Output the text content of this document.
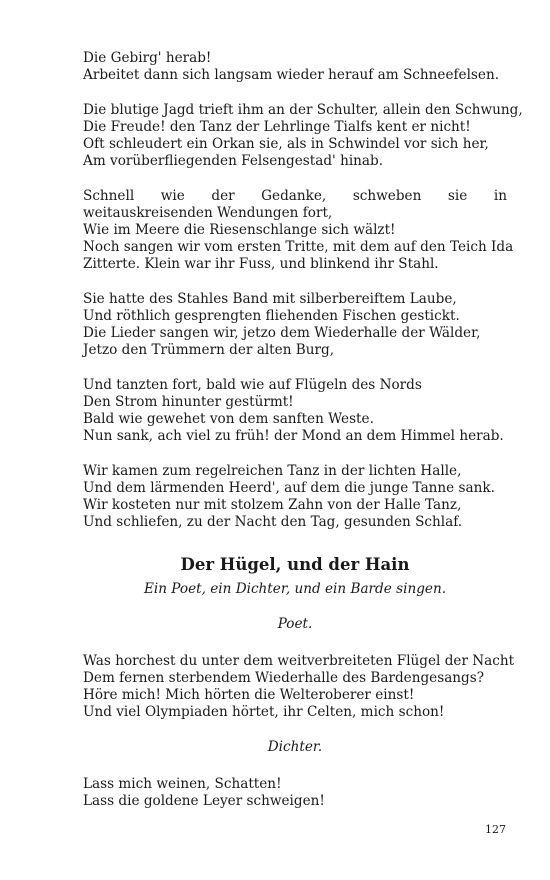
Die Gebirg' herab!
Arbeitet dann sich langsam wieder herauf am Schneefelsen.
Die blutige Jagd trieft ihm an der Schulter, allein den Schwung,
Die Freude! den Tanz der Lehrlinge Tialfs kent er nicht!
Oft schleudert ein Orkan sie, als in Schwindel vor sich her,
Am vorüberfliegenden Felsengestad' hinab.
Schnell wie der Gedanke, schweben sie in weitauskreisenden Wendungen fort,
Wie im Meere die Riesenschlange sich wälzt!
Noch sangen wir vom ersten Tritte, mit dem auf den Teich Ida
Zitterte. Klein war ihr Fuss, und blinkend ihr Stahl.
Sie hatte des Stahles Band mit silberbereiftem Laube,
Und röthlich gesprengten fliehenden Fischen gestickt.
Die Lieder sangen wir, jetzo dem Wiederhalle der Wälder,
Jetzo den Trümmern der alten Burg,
Und tanzten fort, bald wie auf Flügeln des Nords
Den Strom hinunter gestürmt!
Bald wie gewehet von dem sanften Weste.
Nun sank, ach viel zu früh! der Mond an dem Himmel herab.
Wir kamen zum regelreichen Tanz in der lichten Halle,
Und dem lärmenden Heerd', auf dem die junge Tanne sank.
Wir kosteten nur mit stolzem Zahn von der Halle Tanz,
Und schliefen, zu der Nacht den Tag, gesunden Schlaf.
Der Hügel, und der Hain
Ein Poet, ein Dichter, und ein Barde singen.
Poet.
Was horchest du unter dem weitverbreiteten Flügel der Nacht
Dem fernen sterbendem Wiederhalle des Bardengesangs?
Höre mich! Mich hörten die Welteroberer einst!
Und viel Olympiaden hörtet, ihr Celten, mich schon!
Dichter.
Lass mich weinen, Schatten!
Lass die goldene Leyer schweigen!
127
